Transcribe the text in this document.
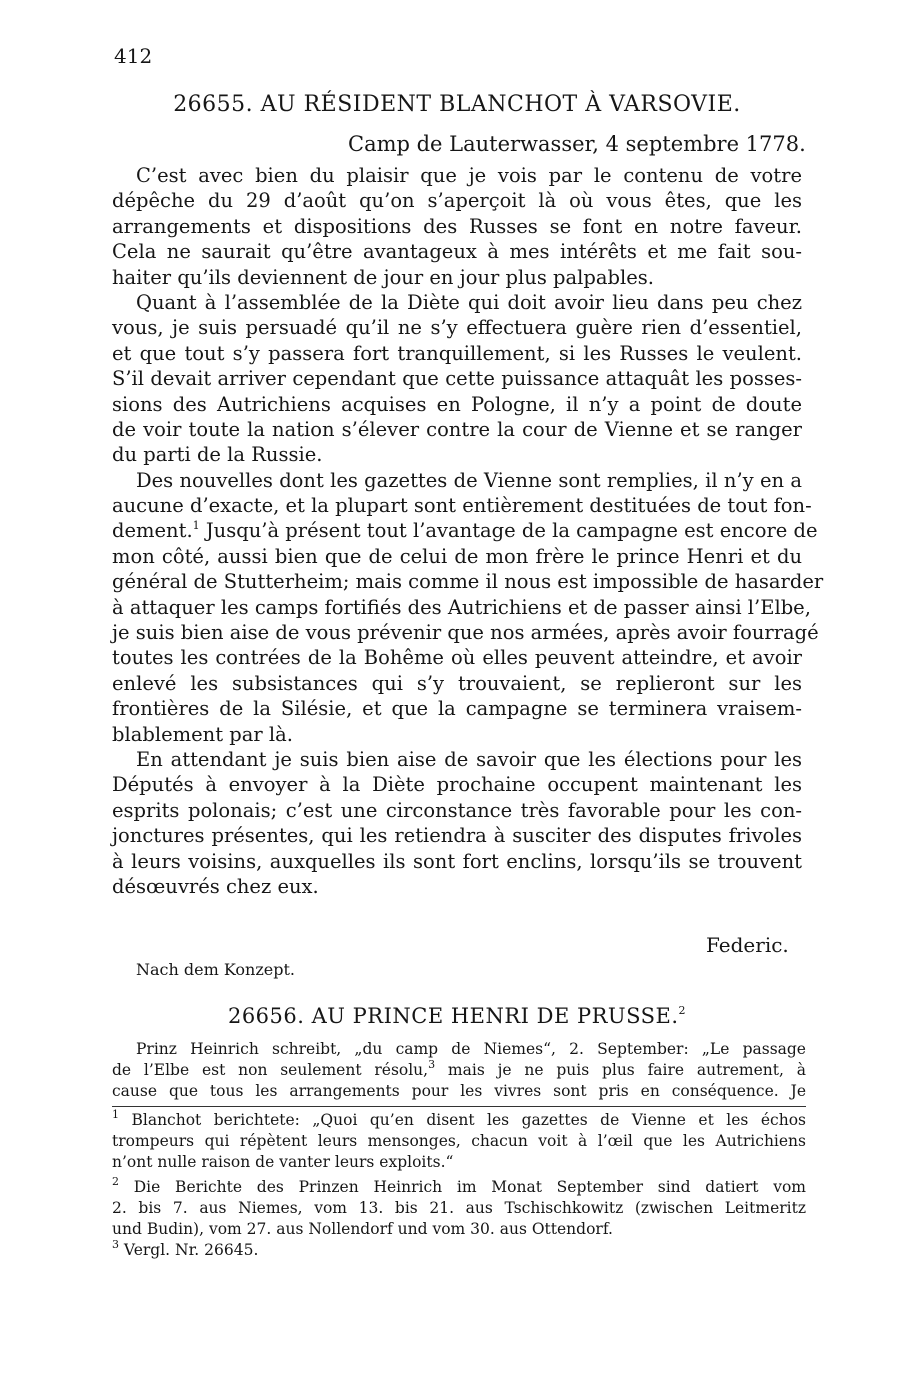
412
26655. AU RÉSIDENT BLANCHOT À VARSOVIE.
Camp de Lauterwasser, 4 septembre 1778.
C’est avec bien du plaisir que je vois par le contenu de votre
dépêche du 29 d’août qu’on s’aperçoit là où vous êtes, que les
arrangements et dispositions des Russes se font en notre faveur.
Cela ne saurait qu’être avantageux à mes intérêts et me fait sou-
haiter qu’ils deviennent de jour en jour plus palpables.
Quant à l’assemblée de la Diète qui doit avoir lieu dans peu chez
vous, je suis persuadé qu’il ne s’y effectuera guère rien d’essentiel,
et que tout s’y passera fort tranquillement, si les Russes le veulent.
S’il devait arriver cependant que cette puissance attaquât les posses-
sions des Autrichiens acquises en Pologne, il n’y a point de doute
de voir toute la nation s’élever contre la cour de Vienne et se ranger
du parti de la Russie.
Des nouvelles dont les gazettes de Vienne sont remplies, il n’y en a
aucune d’exacte, et la plupart sont entièrement destituées de tout fon-
dement.$^1$ Jusqu’à présent tout l’avantage de la campagne est encore de
mon côté, aussi bien que de celui de mon frère le prince Henri et du
général de Stutterheim; mais comme il nous est impossible de hasarder
à attaquer les camps fortifiés des Autrichiens et de passer ainsi l’Elbe,
je suis bien aise de vous prévenir que nos armées, après avoir fourragé
toutes les contrées de la Bohême où elles peuvent atteindre, et avoir
enlevé les subsistances qui s’y trouvaient, se replieront sur les
frontières de la Silésie, et que la campagne se terminera vraisem-
blablement par là.
En attendant je suis bien aise de savoir que les élections pour les
Députés à envoyer à la Diète prochaine occupent maintenant les
esprits polonais; c’est une circonstance très favorable pour les con-
jonctures présentes, qui les retiendra à susciter des disputes frivoles
à leurs voisins, auxquelles ils sont fort enclins, lorsqu’ils se trouvent
désœuvrés chez eux.
Federic.
Nach dem Konzept.
26656. AU PRINCE HENRI DE PRUSSE.$^2$
Prinz Heinrich schreibt, „du camp de Niemes“, 2. September: „Le passage
de l’Elbe est non seulement résolu,$^3$ mais je ne puis plus faire autrement, à
cause que tous les arrangements pour les vivres sont pris en conséquence. Je
$^1$ Blanchot berichtete: „Quoi qu’en disent les gazettes de Vienne et les échos
trompeurs qui répètent leurs mensonges, chacun voit à l’œil que les Autrichiens
n’ont nulle raison de vanter leurs exploits.“
$^2$ Die Berichte des Prinzen Heinrich im Monat September sind datiert vom
2. bis 7. aus Niemes, vom 13. bis 21. aus Tschischkowitz (zwischen Leitmeritz
und Budin), vom 27. aus Nollendorf und vom 30. aus Ottendorf.
$^3$ Vergl. Nr. 26645.
